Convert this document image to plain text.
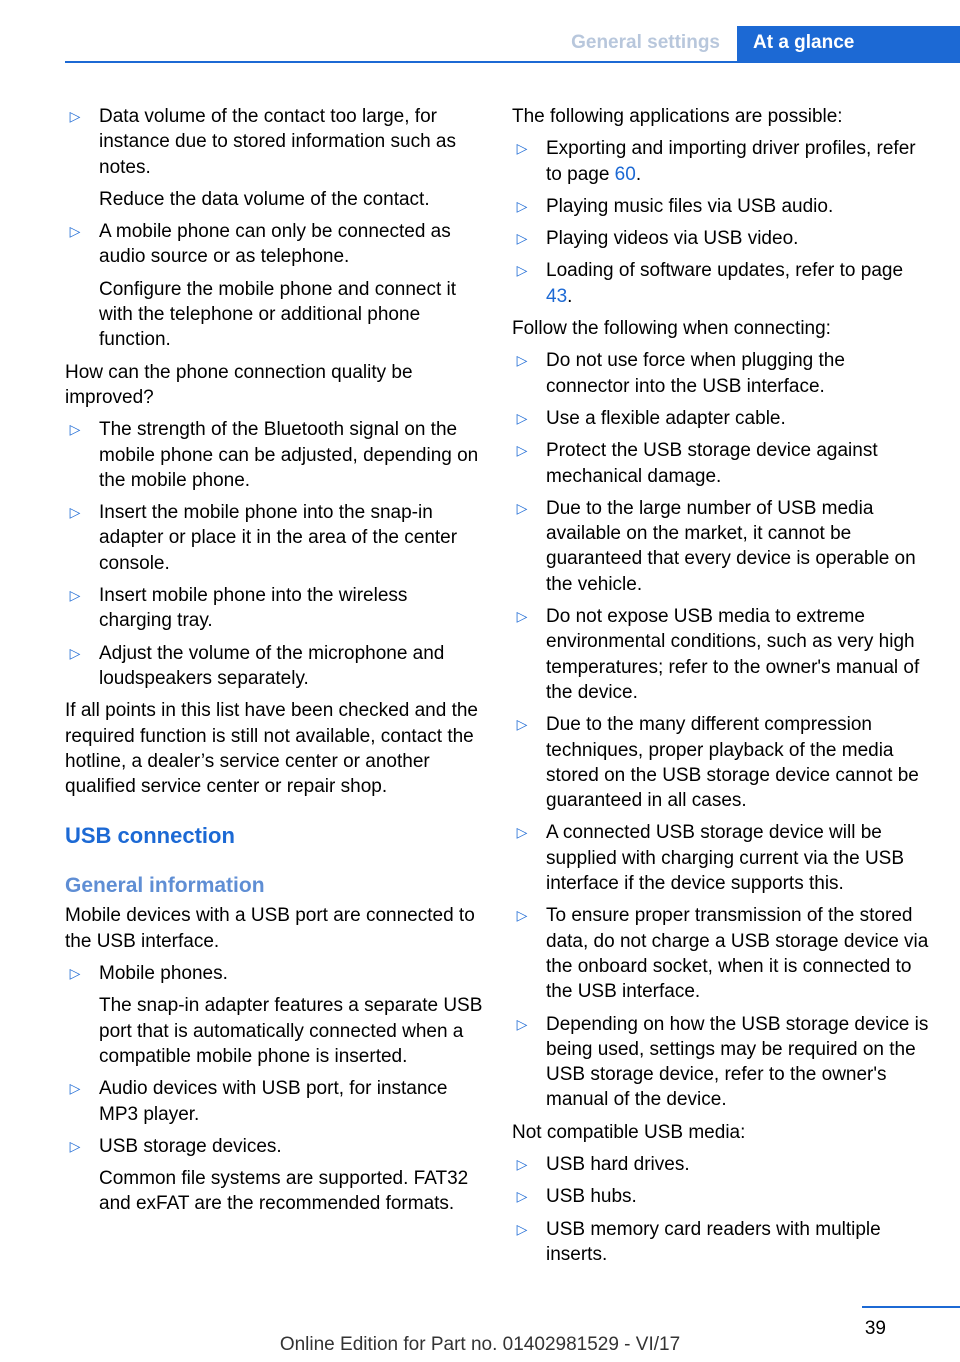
General settings	At a glance
▷ Data volume of the contact too large, for instance due to stored information such as notes.

Reduce the data volume of the contact.

▷ A mobile phone can only be connected as audio source or as telephone.

Configure the mobile phone and connect it with the telephone or additional phone function.

How can the phone connection quality be improved?

▷ The strength of the Bluetooth signal on the mobile phone can be adjusted, depending on the mobile phone.

▷ Insert the mobile phone into the snap-in adapter or place it in the area of the center console.

▷ Insert mobile phone into the wireless charging tray.

▷ Adjust the volume of the microphone and loudspeakers separately.

If all points in this list have been checked and the required function is still not available, contact the hotline, a dealer’s service center or another qualified service center or repair shop.

USB connection
General information

Mobile devices with a USB port are connected to the USB interface.

▷ Mobile phones.

The snap-in adapter features a separate USB port that is automatically connected when a compatible mobile phone is inserted.

▷ Audio devices with USB port, for instance MP3 player.

▷ USB storage devices.

Common file systems are supported. FAT32 and exFAT are the recommended formats.

The following applications are possible:

▷ Exporting and importing driver profiles, refer to page 60.

▷ Playing music files via USB audio.

▷ Playing videos via USB video.

▷ Loading of software updates, refer to page 43.

Follow the following when connecting:

▷ Do not use force when plugging the connector into the USB interface.

▷ Use a flexible adapter cable.

▷ Protect the USB storage device against mechanical damage.

▷ Due to the large number of USB media available on the market, it cannot be guaranteed that every device is operable on the vehicle.

▷ Do not expose USB media to extreme environmental conditions, such as very high temperatures; refer to the owner's manual of the device.

▷ Due to the many different compression techniques, proper playback of the media stored on the USB storage device cannot be guaranteed in all cases.

▷ A connected USB storage device will be supplied with charging current via the USB interface if the device supports this.

▷ To ensure proper transmission of the stored data, do not charge a USB storage device via the onboard socket, when it is connected to the USB interface.

▷ Depending on how the USB storage device is being used, settings may be required on the USB storage device, refer to the owner's manual of the device.

Not compatible USB media:

▷ USB hard drives.

▷ USB hubs.

▷ USB memory card readers with multiple inserts.

39
Online Edition for Part no. 01402981529 - VI/17
